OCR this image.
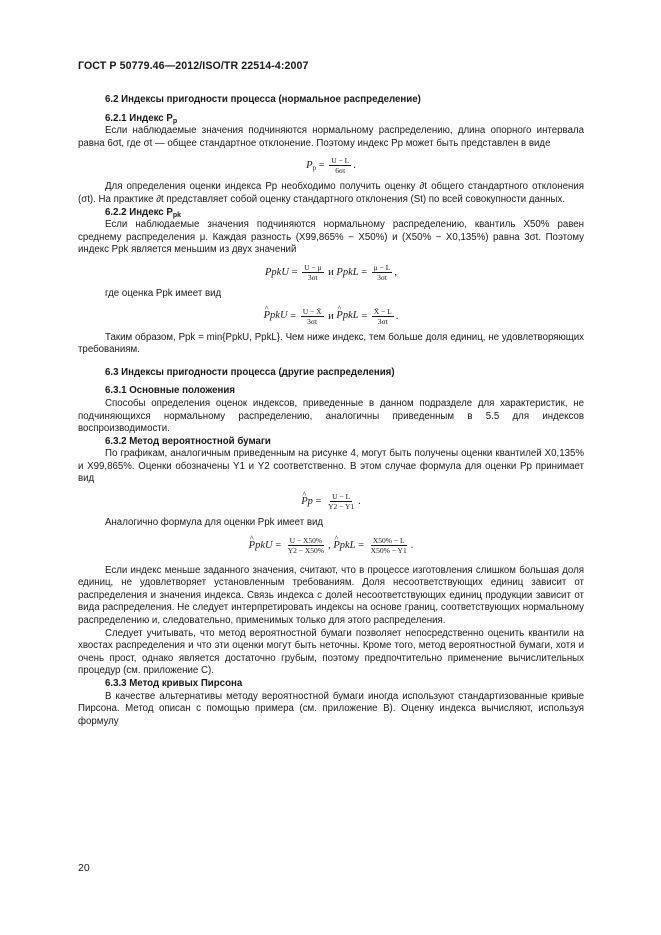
ГОСТ Р 50779.46—2012/ISO/TR 22514-4:2007
6.2 Индексы пригодности процесса (нормальное распределение)
6.2.1 Индекс $P_p$

Если наблюдаемые значения подчиняются нормальному распределению, длина опорного интервала равна 6σt, где σt — общее стандартное отклонение. Поэтому индекс Pp может быть представлен в виде

$P_p = \frac{U - L}{6\sigma t}$ .

Для определения оценки индекса Pp необходимо получить оценку ∂t общего стандартного отклонения (σt). На практике ∂t представляет собой оценку стандартного отклонения (St) по всей совокупности данных.

6.2.2 Индекс $P_{pk}$

Если наблюдаемые значения подчиняются нормальному распределению, квантиль X50% равен среднему распределения μ. Каждая разность (X99,865% − X50%) и (X50% − X0,135%) равна 3σt. Поэтому индекс Ppk является меньшим из двух значений

PpkU = $\frac{U - \mu}{3\sigma t}$ и PpkL = $\frac{\mu - L}{3\sigma t}$ ,

где оценка Ppk имеет вид

^ PpkU = $\frac{U - X̄}{3\sigma t}$ и ^ PpkL = $\frac{X̄ - L}{3\sigma t}$ .

Таким образом, Ppk = min{PpkU, PpkL}. Чем ниже индекс, тем больше доля единиц, не удовлетворяющих требованиям.

6.3 Индексы пригодности процесса (другие распределения)
6.3.1 Основные положения

Способы определения оценок индексов, приведенные в данном подразделе для характеристик, не подчиняющихся нормальному распределению, аналогичны приведенным в 5.5 для индексов воспроизводимости.

6.3.2 Метод вероятностной бумаги

По графикам, аналогичным приведенным на рисунке 4, могут быть получены оценки квантилей X0,135% и X99,865%. Оценки обозначены Y1 и Y2 соответственно. В этом случае формула для оценки Pp принимает вид

^ $Pp = \frac{U - L}{Y2 - Y1}$ .

Аналогично формула для оценки Ppk имеет вид

^ PpkU = $\frac{U - X50\%}{Y2 - X50\%}$ , ^ PpkL = $\frac{X50\% - L}{X50\% - Y1}$ .

Если индекс меньше заданного значения, считают, что в процессе изготовления слишком большая доля единиц, не удовлетворяет установленным требованиям. Доля несоответствующих единиц зависит от распределения и значения индекса. Связь индекса с долей несоответствующих единиц продукции зависит от вида распределения. Не следует интерпретировать индексы на основе границ, соответствующих нормальному распределению и, следовательно, применимых только для этого распределения.

Следует учитывать, что метод вероятностной бумаги позволяет непосредственно оценить квантили на хвостах распределения и что эти оценки могут быть неточны. Кроме того, метод вероятностной бумаги, хотя и очень прост, однако является достаточно грубым, поэтому предпочтительно применение вычислительных процедур (см. приложение С).

6.3.3 Метод кривых Пирсона

В качестве альтернативы методу вероятностной бумаги иногда используют стандартизованные кривые Пирсона. Метод описан с помощью примера (см. приложение В). Оценку индекса вычисляют, используя формулу

20
